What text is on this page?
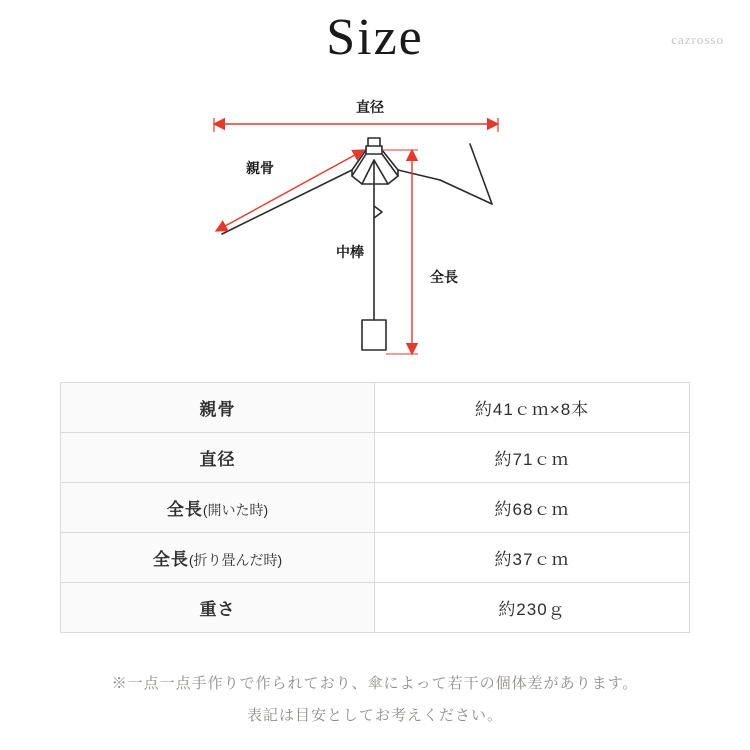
Size	cazrosso
直径
親骨
中棒
全長
親骨	約41ｃｍ×8本
直径	約71ｃｍ
全長(開いた時)	約68ｃｍ
全長(折り畳んだ時)	約37ｃｍ
重さ	約230ｇ
※一点一点手作りで作られており、傘によって若干の個体差があります。
表記は目安としてお考えください。
